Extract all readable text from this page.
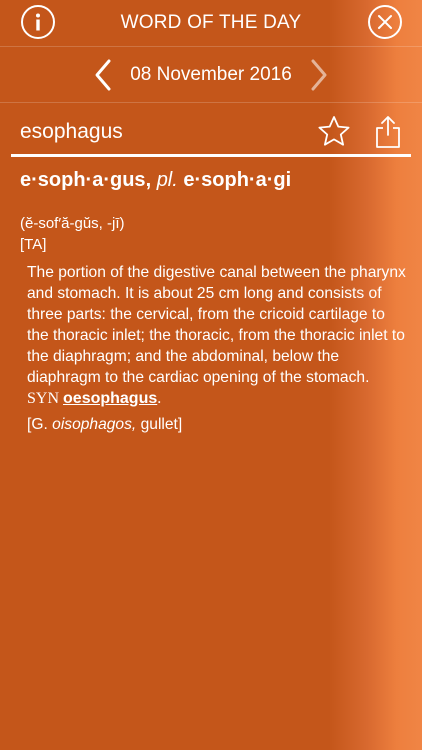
WORD OF THE DAY
08 November 2016
esophagus

e·soph·a·gus, pl. e·soph·a·gi

(ĕ-sof′ă-gŭs, -jī)
[TA]
The portion of the digestive canal between the pharynx and stomach. It is about 25 cm long and consists of three parts: the cervical, from the cricoid cartilage to the thoracic inlet; the thoracic, from the thoracic inlet to the diaphragm; and the abdominal, below the diaphragm to the cardiac opening of the stomach.
SYN oesophagus.
[G. oisophagos, gullet]
